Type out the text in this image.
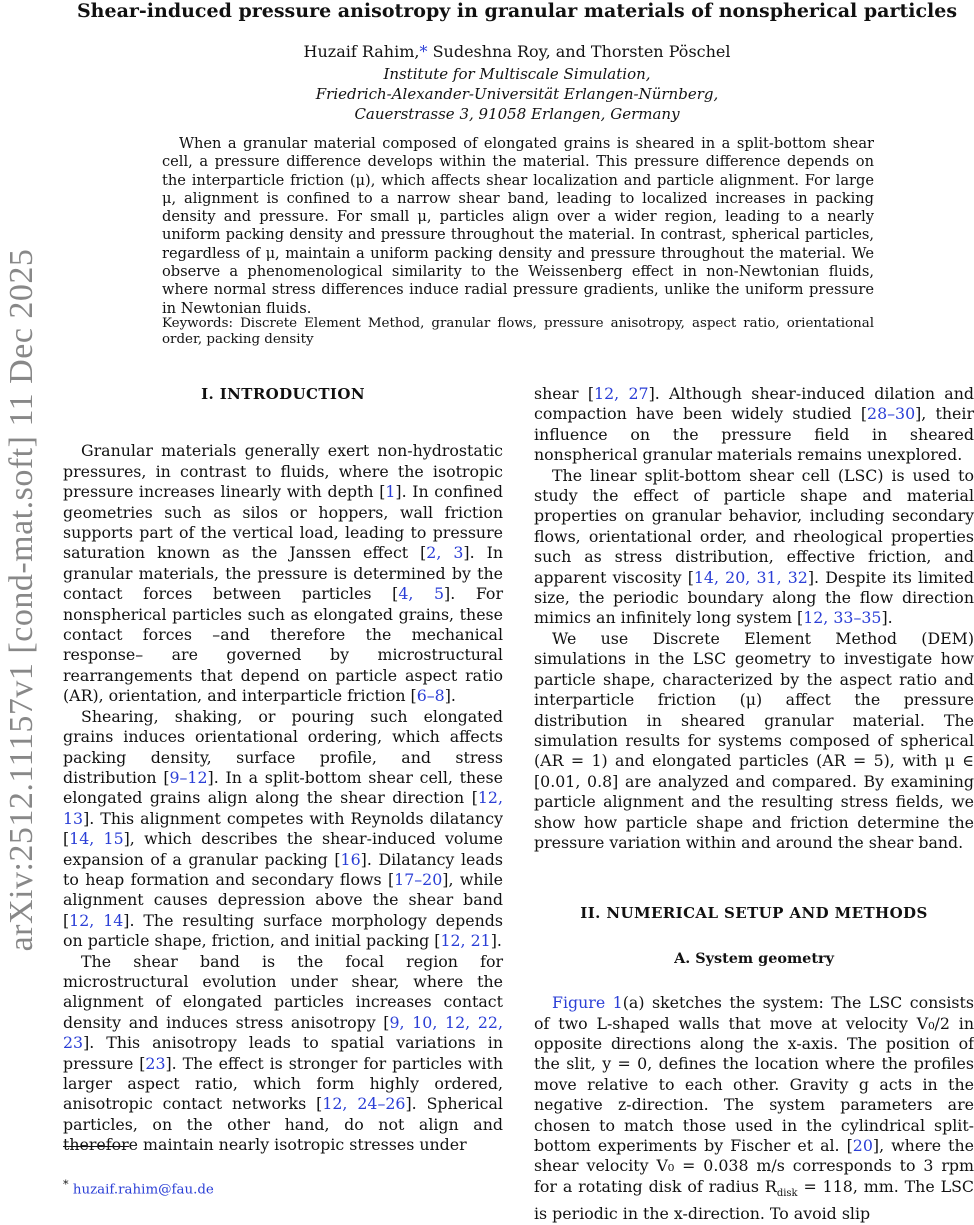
arXiv:2512.11157v1 [cond-mat.soft] 11 Dec 2025
Shear-induced pressure anisotropy in granular materials of nonspherical particles
Huzaif Rahim,* Sudeshna Roy, and Thorsten Pöschel
Institute for Multiscale Simulation,
Friedrich-Alexander-Universität Erlangen-Nürnberg,
Cauerstrasse 3, 91058 Erlangen, Germany
When a granular material composed of elongated grains is sheared in a split-bottom shear cell, a pressure difference develops within the material. This pressure difference depends on the interparticle friction (μ), which affects shear localization and particle alignment. For large μ, alignment is confined to a narrow shear band, leading to localized increases in packing density and pressure. For small μ, particles align over a wider region, leading to a nearly uniform packing density and pressure throughout the material. In contrast, spherical particles, regardless of μ, maintain a uniform packing density and pressure throughout the material. We observe a phenomenological similarity to the Weissenberg effect in non-Newtonian fluids, where normal stress differences induce radial pressure gradients, unlike the uniform pressure in Newtonian fluids.
Keywords: Discrete Element Method, granular flows, pressure anisotropy, aspect ratio, orientational order, packing density
I. INTRODUCTION

Granular materials generally exert non-hydrostatic pressures, in contrast to fluids, where the isotropic pressure increases linearly with depth [1]. In confined geometries such as silos or hoppers, wall friction supports part of the vertical load, leading to pressure saturation known as the Janssen effect [2, 3]. In granular materials, the pressure is determined by the contact forces between particles [4, 5]. For nonspherical particles such as elongated grains, these contact forces –and therefore the mechanical response– are governed by microstructural rearrangements that depend on particle aspect ratio (AR), orientation, and interparticle friction [6–8].

Shearing, shaking, or pouring such elongated grains induces orientational ordering, which affects packing density, surface profile, and stress distribution [9–12]. In a split-bottom shear cell, these elongated grains align along the shear direction [12, 13]. This alignment competes with Reynolds dilatancy [14, 15], which describes the shear-induced volume expansion of a granular packing [16]. Dilatancy leads to heap formation and secondary flows [17–20], while alignment causes depression above the shear band [12, 14]. The resulting surface morphology depends on particle shape, friction, and initial packing [12, 21].

The shear band is the focal region for microstructural evolution under shear, where the alignment of elongated particles increases contact density and induces stress anisotropy [9, 10, 12, 22, 23]. This anisotropy leads to spatial variations in pressure [23]. The effect is stronger for particles with larger aspect ratio, which form highly ordered, anisotropic contact networks [12, 24–26]. Spherical particles, on the other hand, do not align and therefore maintain nearly isotropic stresses under

shear [12, 27]. Although shear-induced dilation and compaction have been widely studied [28–30], their influence on the pressure field in sheared nonspherical granular materials remains unexplored.

The linear split-bottom shear cell (LSC) is used to study the effect of particle shape and material properties on granular behavior, including secondary flows, orientational order, and rheological properties such as stress distribution, effective friction, and apparent viscosity [14, 20, 31, 32]. Despite its limited size, the periodic boundary along the flow direction mimics an infinitely long system [12, 33–35].

We use Discrete Element Method (DEM) simulations in the LSC geometry to investigate how particle shape, characterized by the aspect ratio and interparticle friction (μ) affect the pressure distribution in sheared granular material. The simulation results for systems composed of spherical (AR = 1) and elongated particles (AR = 5), with μ ∈ [0.01, 0.8] are analyzed and compared. By examining particle alignment and the resulting stress fields, we show how particle shape and friction determine the pressure variation within and around the shear band.

II. NUMERICAL SETUP AND METHODS
A. System geometry

Figure 1(a) sketches the system: The LSC consists of two L-shaped walls that move at velocity V₀/2 in opposite directions along the x-axis. The position of the slit, y = 0, defines the location where the profiles move relative to each other. Gravity g acts in the negative z-direction. The system parameters are chosen to match those used in the cylindrical split-bottom experiments by Fischer et al. [20], where the shear velocity V₀ = 0.038 m/s corresponds to 3 rpm for a rotating disk of radius $R_{disk} = 118$, mm. The LSC is periodic in the x-direction. To avoid slip

* huzaif.rahim@fau.de
